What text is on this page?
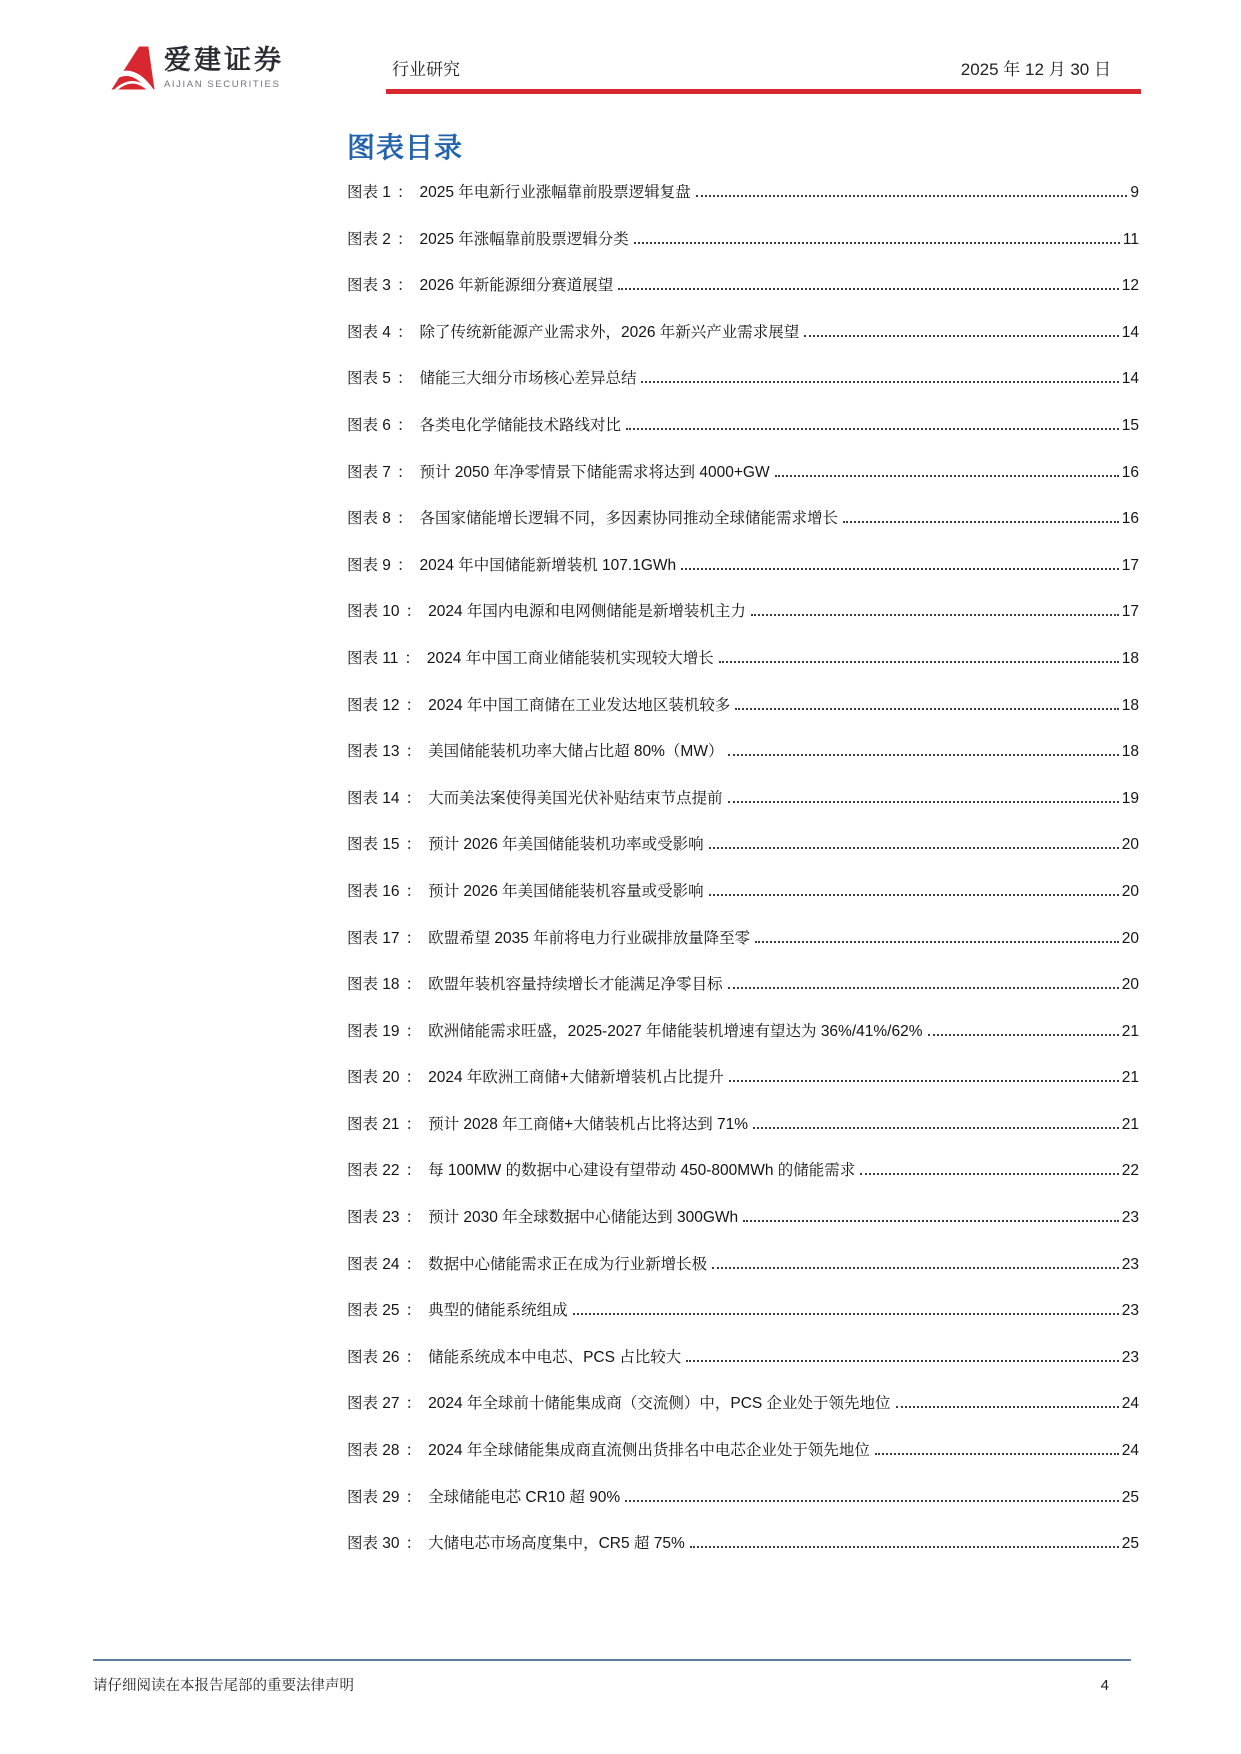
爱建证券
AIJIAN SECURITIES
行业研究	2025 年 12 月 30 日
图表目录
图表 1 ： 2025 年电新行业涨幅靠前股票逻辑复盘	9
图表 2 ： 2025 年涨幅靠前股票逻辑分类	11
图表 3 ： 2026 年新能源细分赛道展望	12
图表 4 ： 除了传统新能源产业需求外，2026 年新兴产业需求展望	14
图表 5 ： 储能三大细分市场核心差异总结	14
图表 6 ： 各类电化学储能技术路线对比	15
图表 7 ： 预计 2050 年净零情景下储能需求将达到 4000+GW	16
图表 8 ： 各国家储能增长逻辑不同，多因素协同推动全球储能需求增长	16
图表 9 ： 2024 年中国储能新增装机 107.1GWh	17
图表 10 ： 2024 年国内电源和电网侧储能是新增装机主力	17
图表 11 ： 2024 年中国工商业储能装机实现较大增长	18
图表 12 ： 2024 年中国工商储在工业发达地区装机较多	18
图表 13 ： 美国储能装机功率大储占比超 80%（MW）	18
图表 14 ： 大而美法案使得美国光伏补贴结束节点提前	19
图表 15 ： 预计 2026 年美国储能装机功率或受影响	20
图表 16 ： 预计 2026 年美国储能装机容量或受影响	20
图表 17 ： 欧盟希望 2035 年前将电力行业碳排放量降至零	20
图表 18 ： 欧盟年装机容量持续增长才能满足净零目标	20
图表 19 ： 欧洲储能需求旺盛，2025-2027 年储能装机增速有望达为 36%/41%/62%	21
图表 20 ： 2024 年欧洲工商储+大储新增装机占比提升	21
图表 21 ： 预计 2028 年工商储+大储装机占比将达到 71%	21
图表 22 ： 每 100MW 的数据中心建设有望带动 450-800MWh 的储能需求	22
图表 23 ： 预计 2030 年全球数据中心储能达到 300GWh	23
图表 24 ： 数据中心储能需求正在成为行业新增长极	23
图表 25 ： 典型的储能系统组成	23
图表 26 ： 储能系统成本中电芯、PCS 占比较大	23
图表 27 ： 2024 年全球前十储能集成商（交流侧）中，PCS 企业处于领先地位	24
图表 28 ： 2024 年全球储能集成商直流侧出货排名中电芯企业处于领先地位	24
图表 29 ： 全球储能电芯 CR10 超 90%	25
图表 30 ： 大储电芯市场高度集中，CR5 超 75%	25
请仔细阅读在本报告尾部的重要法律声明	4
